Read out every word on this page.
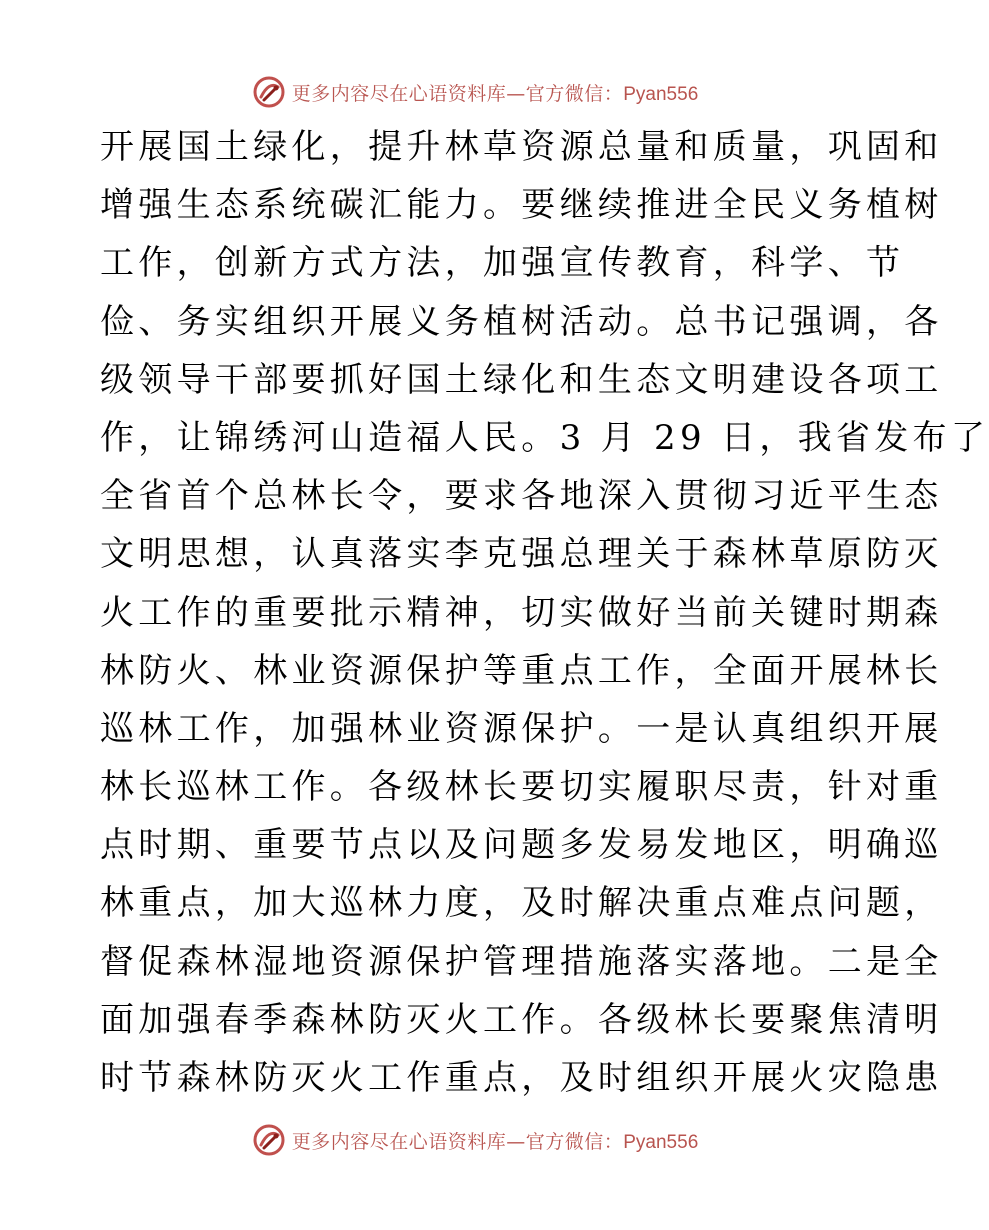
更多内容尽在心语资料库—官方微信：Pyan556
开展国土绿化，提升林草资源总量和质量，巩固和
增强生态系统碳汇能力。要继续推进全民义务植树
工作，创新方式方法，加强宣传教育，科学、节
俭、务实组织开展义务植树活动。总书记强调，各
级领导干部要抓好国土绿化和生态文明建设各项工
作，让锦绣河山造福人民。3 月 29 日，我省发布了
全省首个总林长令，要求各地深入贯彻习近平生态
文明思想，认真落实李克强总理关于森林草原防灭
火工作的重要批示精神，切实做好当前关键时期森
林防火、林业资源保护等重点工作，全面开展林长
巡林工作，加强林业资源保护。一是认真组织开展
林长巡林工作。各级林长要切实履职尽责，针对重
点时期、重要节点以及问题多发易发地区，明确巡
林重点，加大巡林力度，及时解决重点难点问题，
督促森林湿地资源保护管理措施落实落地。二是全
面加强春季森林防灭火工作。各级林长要聚焦清明
时节森林防灭火工作重点，及时组织开展火灾隐患
更多内容尽在心语资料库—官方微信：Pyan556
